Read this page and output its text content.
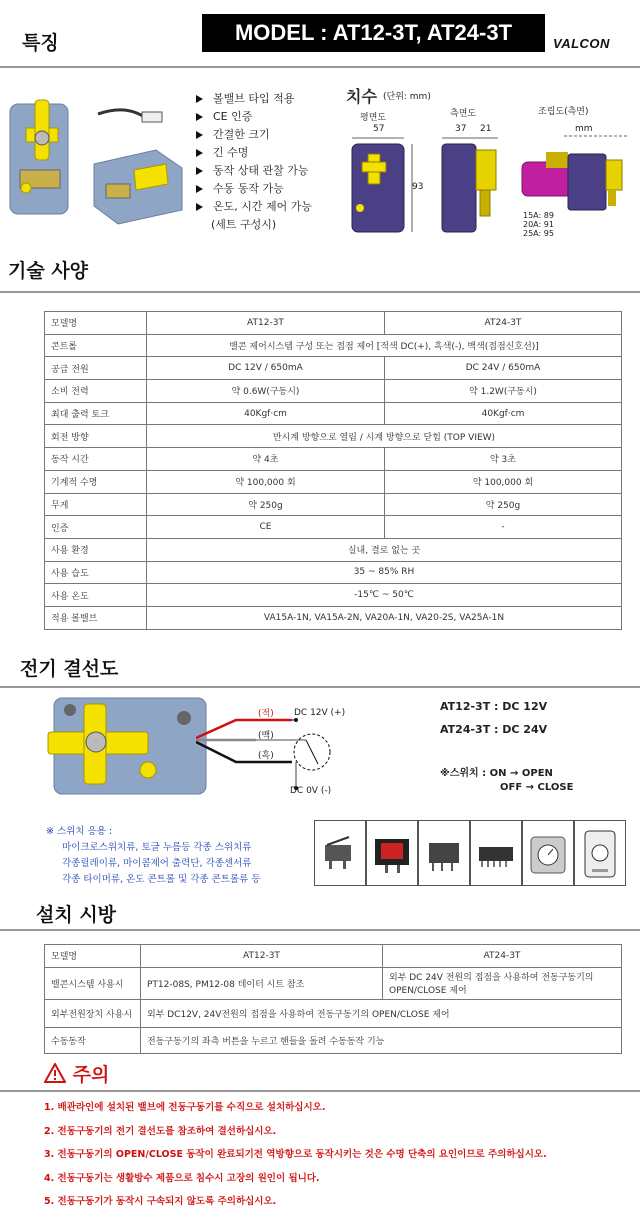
특징	MODEL : AT12-3T, AT24-3T	VALCON
볼밸브 타입 적용
CE 인증
간결한 크기
긴 수명
동작 상태 관찰 가능
수동 동작 가능
온도, 시간 제어 가능
(세트 구성시)
치수 (단위: mm)
평면도	측면도	조립도(측면)
57
93
37 21	mm
15A: 89
20A: 91
25A: 95
기술 사양
모델명	AT12-3T	AT24-3T
콘트롤	밸콘 제어시스템 구성 또는 접점 제어 [적색 DC(+), 흑색(-), 백색(접점신호선)]	
공급 전원	DC 12V / 650mA	DC 24V / 650mA
소비 전력	약 0.6W(구동시)	약 1.2W(구동시)
최대 출력 토크	40Kgf·cm	40Kgf·cm
회전 방향	반시계 방향으로 열림 / 시계 방향으로 닫힘 (TOP VIEW)	
동작 시간	약 4초	약 3초
기계적 수명	약 100,000 회	약 100,000 회
무게	약 250g	약 250g
인증	CE	-
사용 환경	실내, 결로 없는 곳	
사용 습도	35 ~ 85% RH	
사용 온도	-15℃ ~ 50℃	
적용 볼밸브	VA15A-1N, VA15A-2N, VA20A-1N, VA20-2S, VA25A-1N	
전기 결선도
(적) DC 12V (+)
(백)
(흑)
DC 0V (-)
AT12-3T : DC 12V
AT24-3T : DC 24V
※스위치 : ON → OPEN
OFF → CLOSE
※ 스위치 응용 :
마이크로스위치류, 토글 누름등 각종 스위치류
각종릴레이류, 마이콤제어 출력단, 각종센서류
각종 타이머류, 온도 콘트롤 및 각종 콘트롤류 등
설치 시방
모델명	AT12-3T	AT24-3T
밸콘시스템 사용시	PT12-08S, PM12-08 데이터 시트 참조	외부 DC 24V 전원의 접점을 사용하여 전동구동기의 OPEN/CLOSE 제어
외부전원장치 사용시	외부 DC12V, 24V전원의 접점을 사용하여 전동구동기의 OPEN/CLOSE 제어	
수동동작	전동구동기의 좌측 버튼을 누르고 핸들을 돌려 수동동작 기능	
주의
1. 배관라인에 설치된 밸브에 전동구동기를 수직으로 설치하십시오.
2. 전동구동기의 전기 결선도를 참조하여 결선하십시오.
3. 전동구동기의 OPEN/CLOSE 동작이 완료되기전 역방향으로 동작시키는 것은 수명 단축의 요인이므로 주의하십시오.
4. 전동구동기는 생활방수 제품으로 침수시 고장의 원인이 됩니다.
5. 전동구동기가 동작시 구속되지 않도록 주의하십시오.
